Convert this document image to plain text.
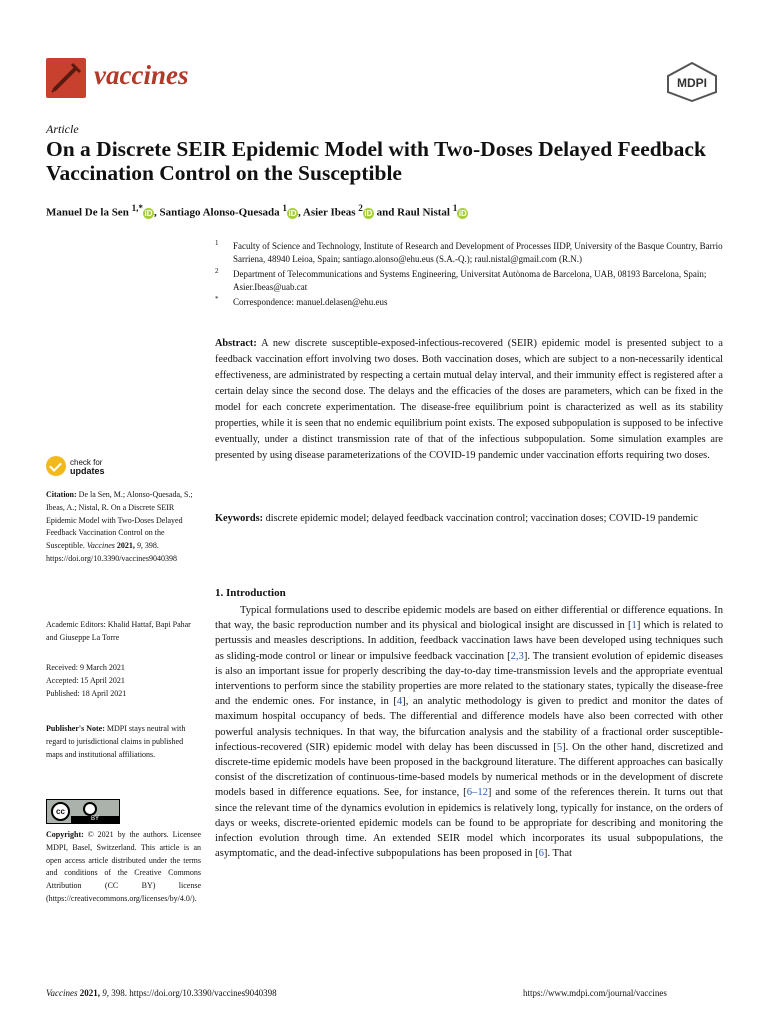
vaccines	MDPI
Article
On a Discrete SEIR Epidemic Model with Two-Doses Delayed Feedback Vaccination Control on the Susceptible
Manuel De la Sen $^{1,*}$iD , Santiago Alonso-Quesada $^1$iD , Asier Ibeas $^2$iD and Raul Nistal $^1$iD
1 Faculty of Science and Technology, Institute of Research and Development of Processes IIDP, University of the Basque Country, Barrio Sarriena, 48940 Leioa, Spain; santiago.alonso@ehu.eus (S.A.-Q.); raul.nistal@gmail.com (R.N.)
2 Department of Telecommunications and Systems Engineering, Universitat Autònoma de Barcelona, UAB, 08193 Barcelona, Spain; Asier.Ibeas@uab.cat
* Correspondence: manuel.delasen@ehu.eus
Abstract: A new discrete susceptible-exposed-infectious-recovered (SEIR) epidemic model is presented subject to a feedback vaccination effort involving two doses. Both vaccination doses, which are subject to a non-necessarily identical effectiveness, are administrated by respecting a certain mutual delay interval, and their immunity effect is registered after a certain delay since the second dose. The delays and the efficacies of the doses are parameters, which can be fixed in the model for each concrete experimentation. The disease-free equilibrium point is characterized as well as its stability properties, while it is seen that no endemic equilibrium point exists. The exposed subpopulation is supposed to be infective eventually, under a distinct transmission rate of that of the infectious subpopulation. Some simulation examples are presented by using disease parameterizations of the COVID-19 pandemic under vaccination efforts requiring two doses.
Keywords: discrete epidemic model; delayed feedback vaccination control; vaccination doses; COVID-19 pandemic
check for
updates
Citation: De la Sen, M.; Alonso-Quesada, S.; Ibeas, A.; Nistal, R. On a Discrete SEIR Epidemic Model with Two-Doses Delayed Feedback Vaccination Control on the Susceptible. Vaccines 2021, 9, 398. https://doi.org/10.3390/vaccines9040398
Academic Editors: Khalid Hattaf, Bapi Pahar and Giuseppe La Torre
Received: 9 March 2021
Accepted: 15 April 2021
Published: 18 April 2021
Publisher's Note: MDPI stays neutral with regard to jurisdictional claims in published maps and institutional affiliations.
cc
BY
Copyright: © 2021 by the authors. Licensee MDPI, Basel, Switzerland. This article is an open access article distributed under the terms and conditions of the Creative Commons Attribution (CC BY) license (https://creativecommons.org/licenses/by/4.0/).
1. Introduction
Typical formulations used to describe epidemic models are based on either differential or difference equations. In that way, the basic reproduction number and its physical and biological insight are discussed in [1] which is related to pertussis and measles descriptions. In addition, feedback vaccination laws have been developed using techniques such as sliding-mode control or linear or impulsive feedback vaccination [2,3]. The transient evolution of epidemic diseases is also an important issue for properly describing the day-to-day time-transmission levels and the appropriate eventual interventions to perform since the stability properties are more related to the stationary states, typically the disease-free and the endemic ones. For instance, in [4], an analytic methodology is given to predict and monitor the dates of maximum hospital occupancy of beds. The differential and difference models have also been corrected with other powerful analysis techniques. In that way, the bifurcation analysis and the stability of a fractional order susceptible-infectious-recovered (SIR) epidemic model with delay has been discussed in [5]. On the other hand, discretized and discrete-time epidemic models have been proposed in the background literature. The different approaches can basically consist of the discretization of continuous-time-based models by numerical methods or in the development of discrete models based in difference equations. See, for instance, [6–12] and some of the references therein. It turns out that since the relevant time of the dynamics evolution in epidemics is relatively long, typically for instance, on the orders of days or weeks, discrete-oriented epidemic models can be found to be appropriate for describing and monitoring the infection evolution through time. An extended SEIR model which incorporates its usual subpopulations, the asymptomatic, and the dead-infective subpopulations has been proposed in [6]. That
Vaccines 2021, 9, 398. https://doi.org/10.3390/vaccines9040398	https://www.mdpi.com/journal/vaccines
